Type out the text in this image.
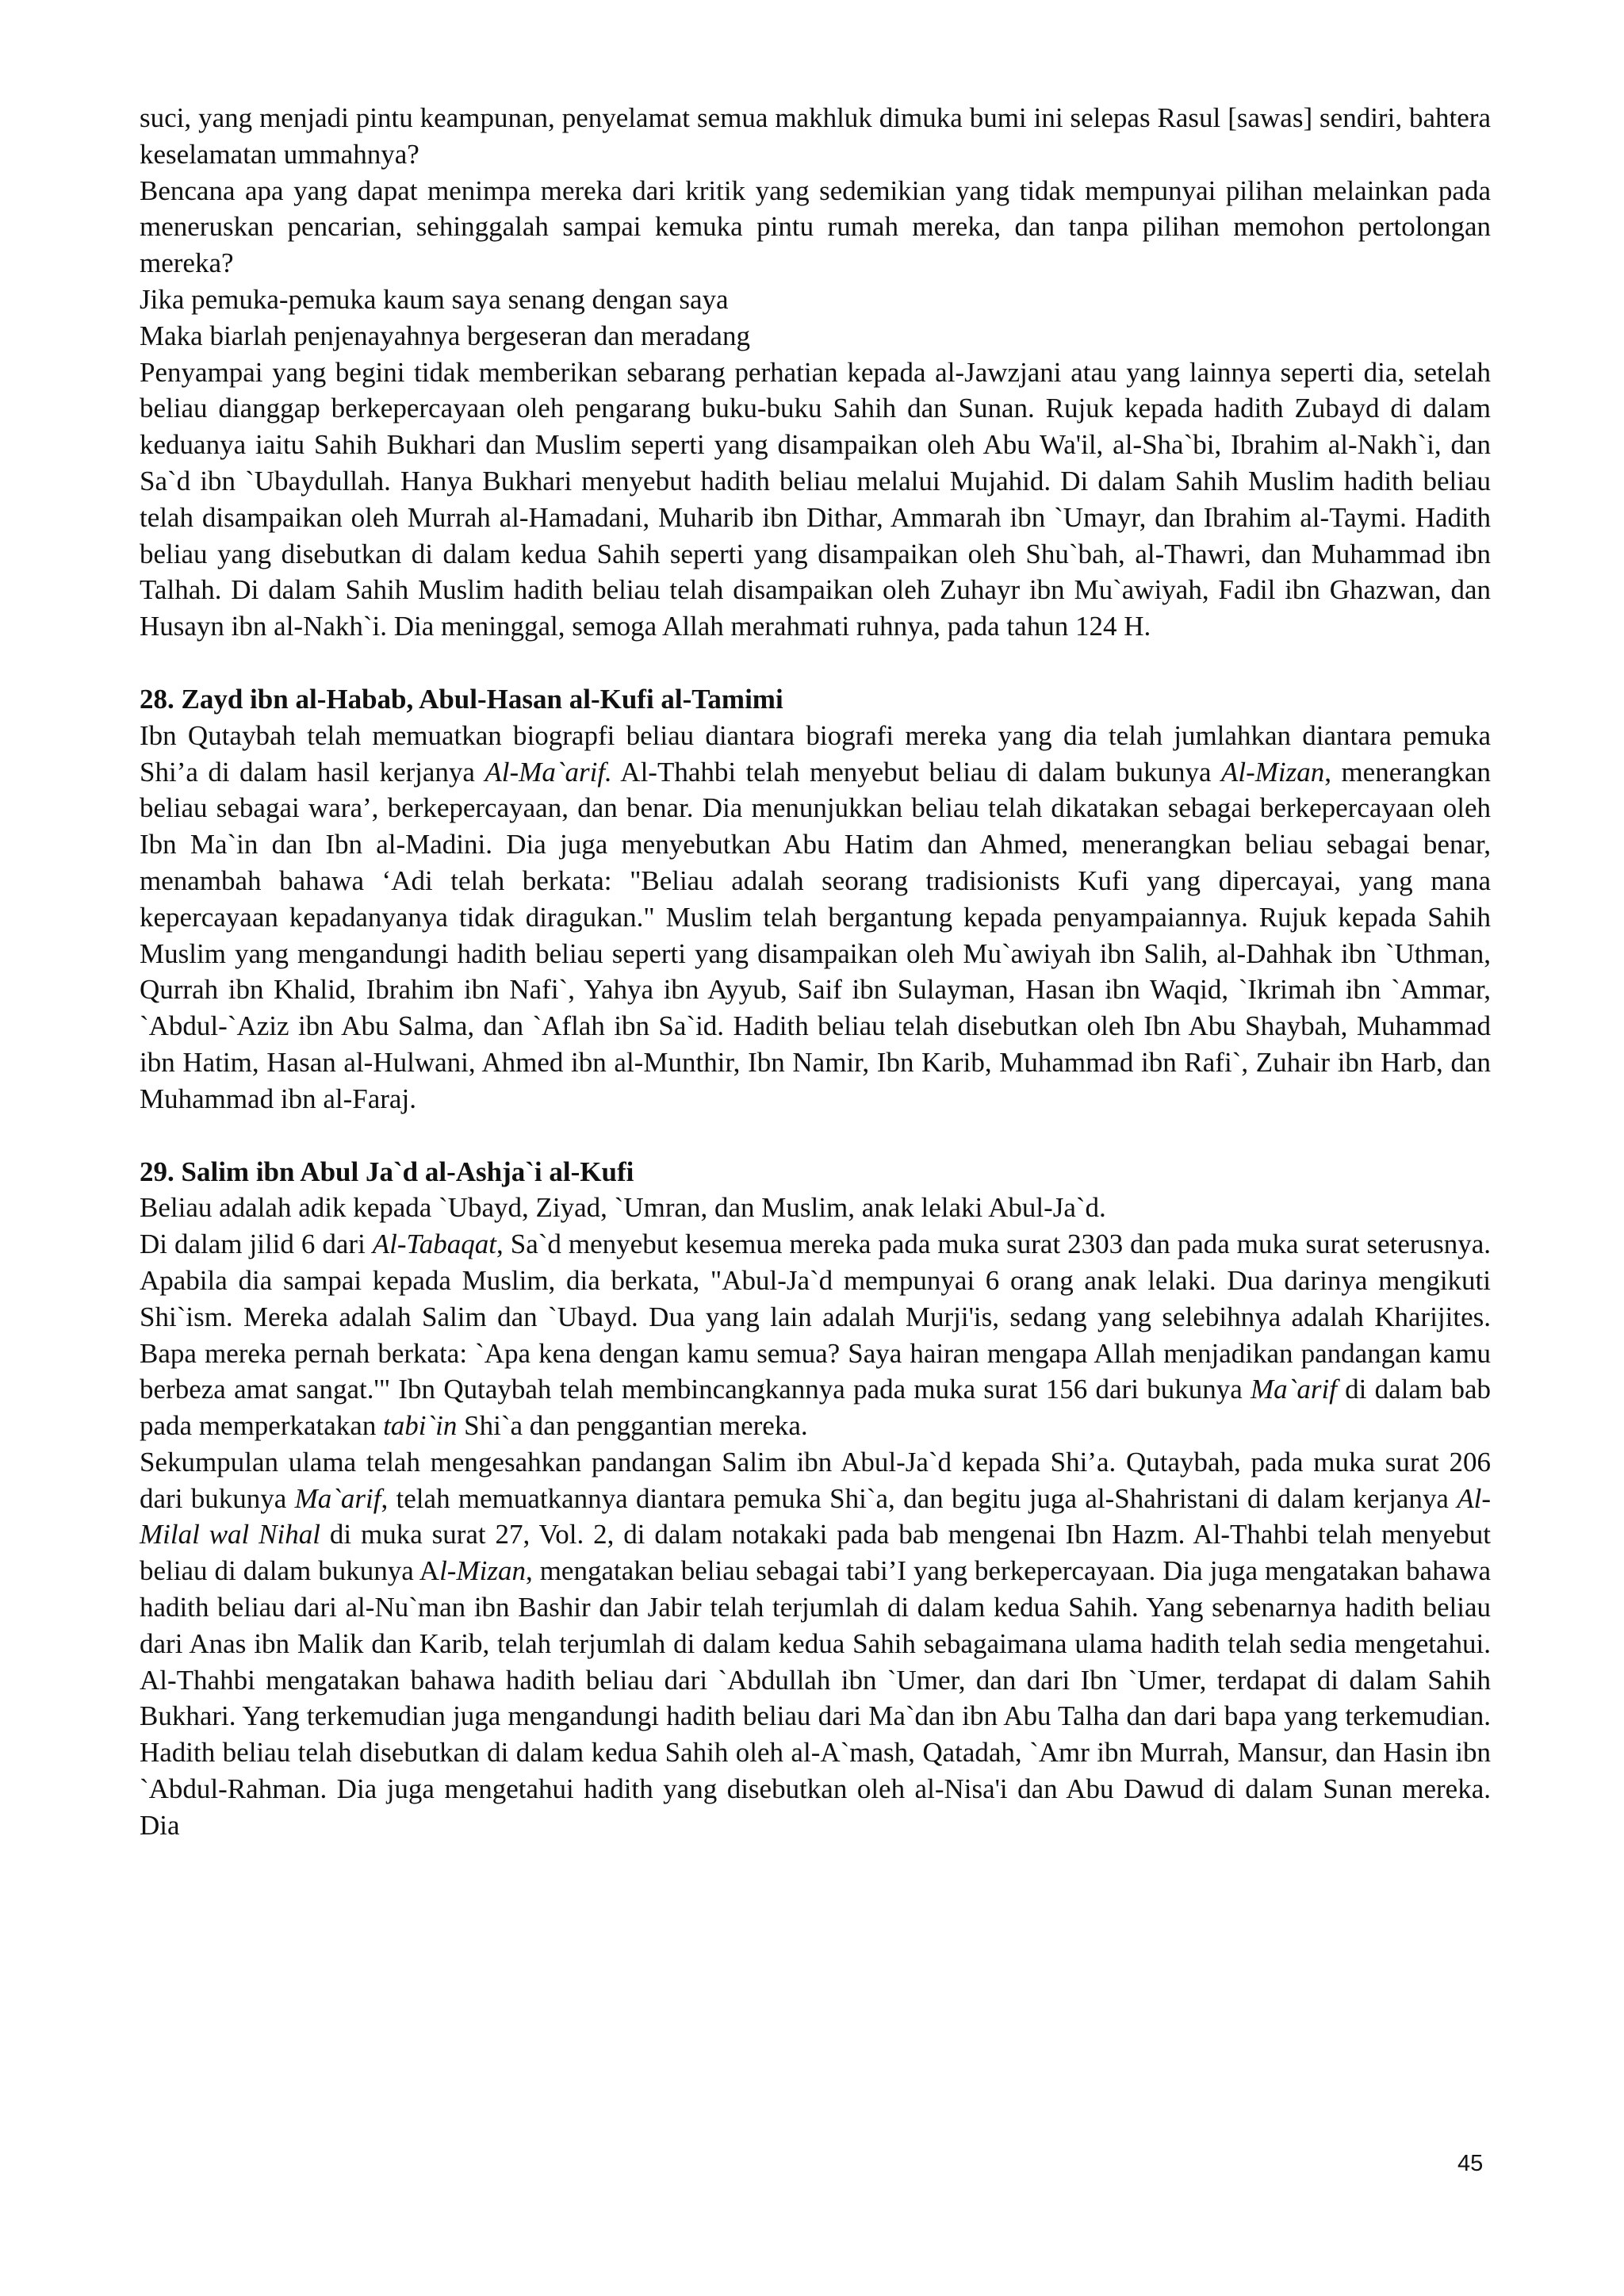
suci, yang menjadi pintu keampunan, penyelamat semua makhluk dimuka bumi ini selepas Rasul [sawas] sendiri, bahtera keselamatan ummahnya?

Bencana apa yang dapat menimpa mereka dari kritik yang sedemikian yang tidak mempunyai pilihan melainkan pada meneruskan pencarian, sehinggalah sampai kemuka pintu rumah mereka, dan tanpa pilihan memohon pertolongan mereka?

Jika pemuka-pemuka kaum saya senang dengan saya

Maka biarlah penjenayahnya bergeseran dan meradang

Penyampai yang begini tidak memberikan sebarang perhatian kepada al-Jawzjani atau yang lainnya seperti dia, setelah beliau dianggap berkepercayaan oleh pengarang buku-buku Sahih dan Sunan. Rujuk kepada hadith Zubayd di dalam keduanya iaitu Sahih Bukhari dan Muslim seperti yang disampaikan oleh Abu Wa'il, al-Sha`bi, Ibrahim al-Nakh`i, dan Sa`d ibn `Ubaydullah. Hanya Bukhari menyebut hadith beliau melalui Mujahid. Di dalam Sahih Muslim hadith beliau telah disampaikan oleh Murrah al-Hamadani, Muharib ibn Dithar, Ammarah ibn `Umayr, dan Ibrahim al-Taymi. Hadith beliau yang disebutkan di dalam kedua Sahih seperti yang disampaikan oleh Shu`bah, al-Thawri, dan Muhammad ibn Talhah. Di dalam Sahih Muslim hadith beliau telah disampaikan oleh Zuhayr ibn Mu`awiyah, Fadil ibn Ghazwan, dan Husayn ibn al-Nakh`i. Dia meninggal, semoga Allah merahmati ruhnya, pada tahun 124 H.

28. Zayd ibn al-Habab, Abul-Hasan al-Kufi al-Tamimi

Ibn Qutaybah telah memuatkan biograpfi beliau diantara biografi mereka yang dia telah jumlahkan diantara pemuka Shi’a di dalam hasil kerjanya Al-Ma`arif. Al-Thahbi telah menyebut beliau di dalam bukunya Al-Mizan, menerangkan beliau sebagai wara’, berkepercayaan, dan benar. Dia menunjukkan beliau telah dikatakan sebagai berkepercayaan oleh Ibn Ma`in dan Ibn al-Madini. Dia juga menyebutkan Abu Hatim dan Ahmed, menerangkan beliau sebagai benar, menambah bahawa ‘Adi telah berkata: "Beliau adalah seorang tradisionists Kufi yang dipercayai, yang mana kepercayaan kepadanyanya tidak diragukan." Muslim telah bergantung kepada penyampaiannya. Rujuk kepada Sahih Muslim yang mengandungi hadith beliau seperti yang disampaikan oleh Mu`awiyah ibn Salih, al-Dahhak ibn `Uthman, Qurrah ibn Khalid, Ibrahim ibn Nafi`, Yahya ibn Ayyub, Saif ibn Sulayman, Hasan ibn Waqid, `Ikrimah ibn `Ammar, `Abdul-`Aziz ibn Abu Salma, dan `Aflah ibn Sa`id. Hadith beliau telah disebutkan oleh Ibn Abu Shaybah, Muhammad ibn Hatim, Hasan al-Hulwani, Ahmed ibn al-Munthir, Ibn Namir, Ibn Karib, Muhammad ibn Rafi`, Zuhair ibn Harb, dan Muhammad ibn al-Faraj.

29. Salim ibn Abul Ja`d al-Ashja`i al-Kufi

Beliau adalah adik kepada `Ubayd, Ziyad, `Umran, dan Muslim, anak lelaki Abul-Ja`d.

Di dalam jilid 6 dari Al-Tabaqat, Sa`d menyebut kesemua mereka pada muka surat 2303 dan pada muka surat seterusnya. Apabila dia sampai kepada Muslim, dia berkata, "Abul-Ja`d mempunyai 6 orang anak lelaki. Dua darinya mengikuti Shi`ism. Mereka adalah Salim dan `Ubayd. Dua yang lain adalah Murji'is, sedang yang selebihnya adalah Kharijites. Bapa mereka pernah berkata: `Apa kena dengan kamu semua? Saya hairan mengapa Allah menjadikan pandangan kamu berbeza amat sangat.'" Ibn Qutaybah telah membincangkannya pada muka surat 156 dari bukunya Ma`arif di dalam bab pada memperkatakan tabi`in Shi`a dan penggantian mereka.

Sekumpulan ulama telah mengesahkan pandangan Salim ibn Abul-Ja`d kepada Shi’a. Qutaybah, pada muka surat 206 dari bukunya Ma`arif, telah memuatkannya diantara pemuka Shi`a, dan begitu juga al-Shahristani di dalam kerjanya Al-Milal wal Nihal di muka surat 27, Vol. 2, di dalam notakaki pada bab mengenai Ibn Hazm. Al-Thahbi telah menyebut beliau di dalam bukunya Al-Mizan, mengatakan beliau sebagai tabi’I yang berkepercayaan. Dia juga mengatakan bahawa hadith beliau dari al-Nu`man ibn Bashir dan Jabir telah terjumlah di dalam kedua Sahih. Yang sebenarnya hadith beliau dari Anas ibn Malik dan Karib, telah terjumlah di dalam kedua Sahih sebagaimana ulama hadith telah sedia mengetahui. Al-Thahbi mengatakan bahawa hadith beliau dari `Abdullah ibn `Umer, dan dari Ibn `Umer, terdapat di dalam Sahih Bukhari. Yang terkemudian juga mengandungi hadith beliau dari Ma`dan ibn Abu Talha dan dari bapa yang terkemudian. Hadith beliau telah disebutkan di dalam kedua Sahih oleh al-A`mash, Qatadah, `Amr ibn Murrah, Mansur, dan Hasin ibn `Abdul-Rahman. Dia juga mengetahui hadith yang disebutkan oleh al-Nisa'i dan Abu Dawud di dalam Sunan mereka. Dia

45
